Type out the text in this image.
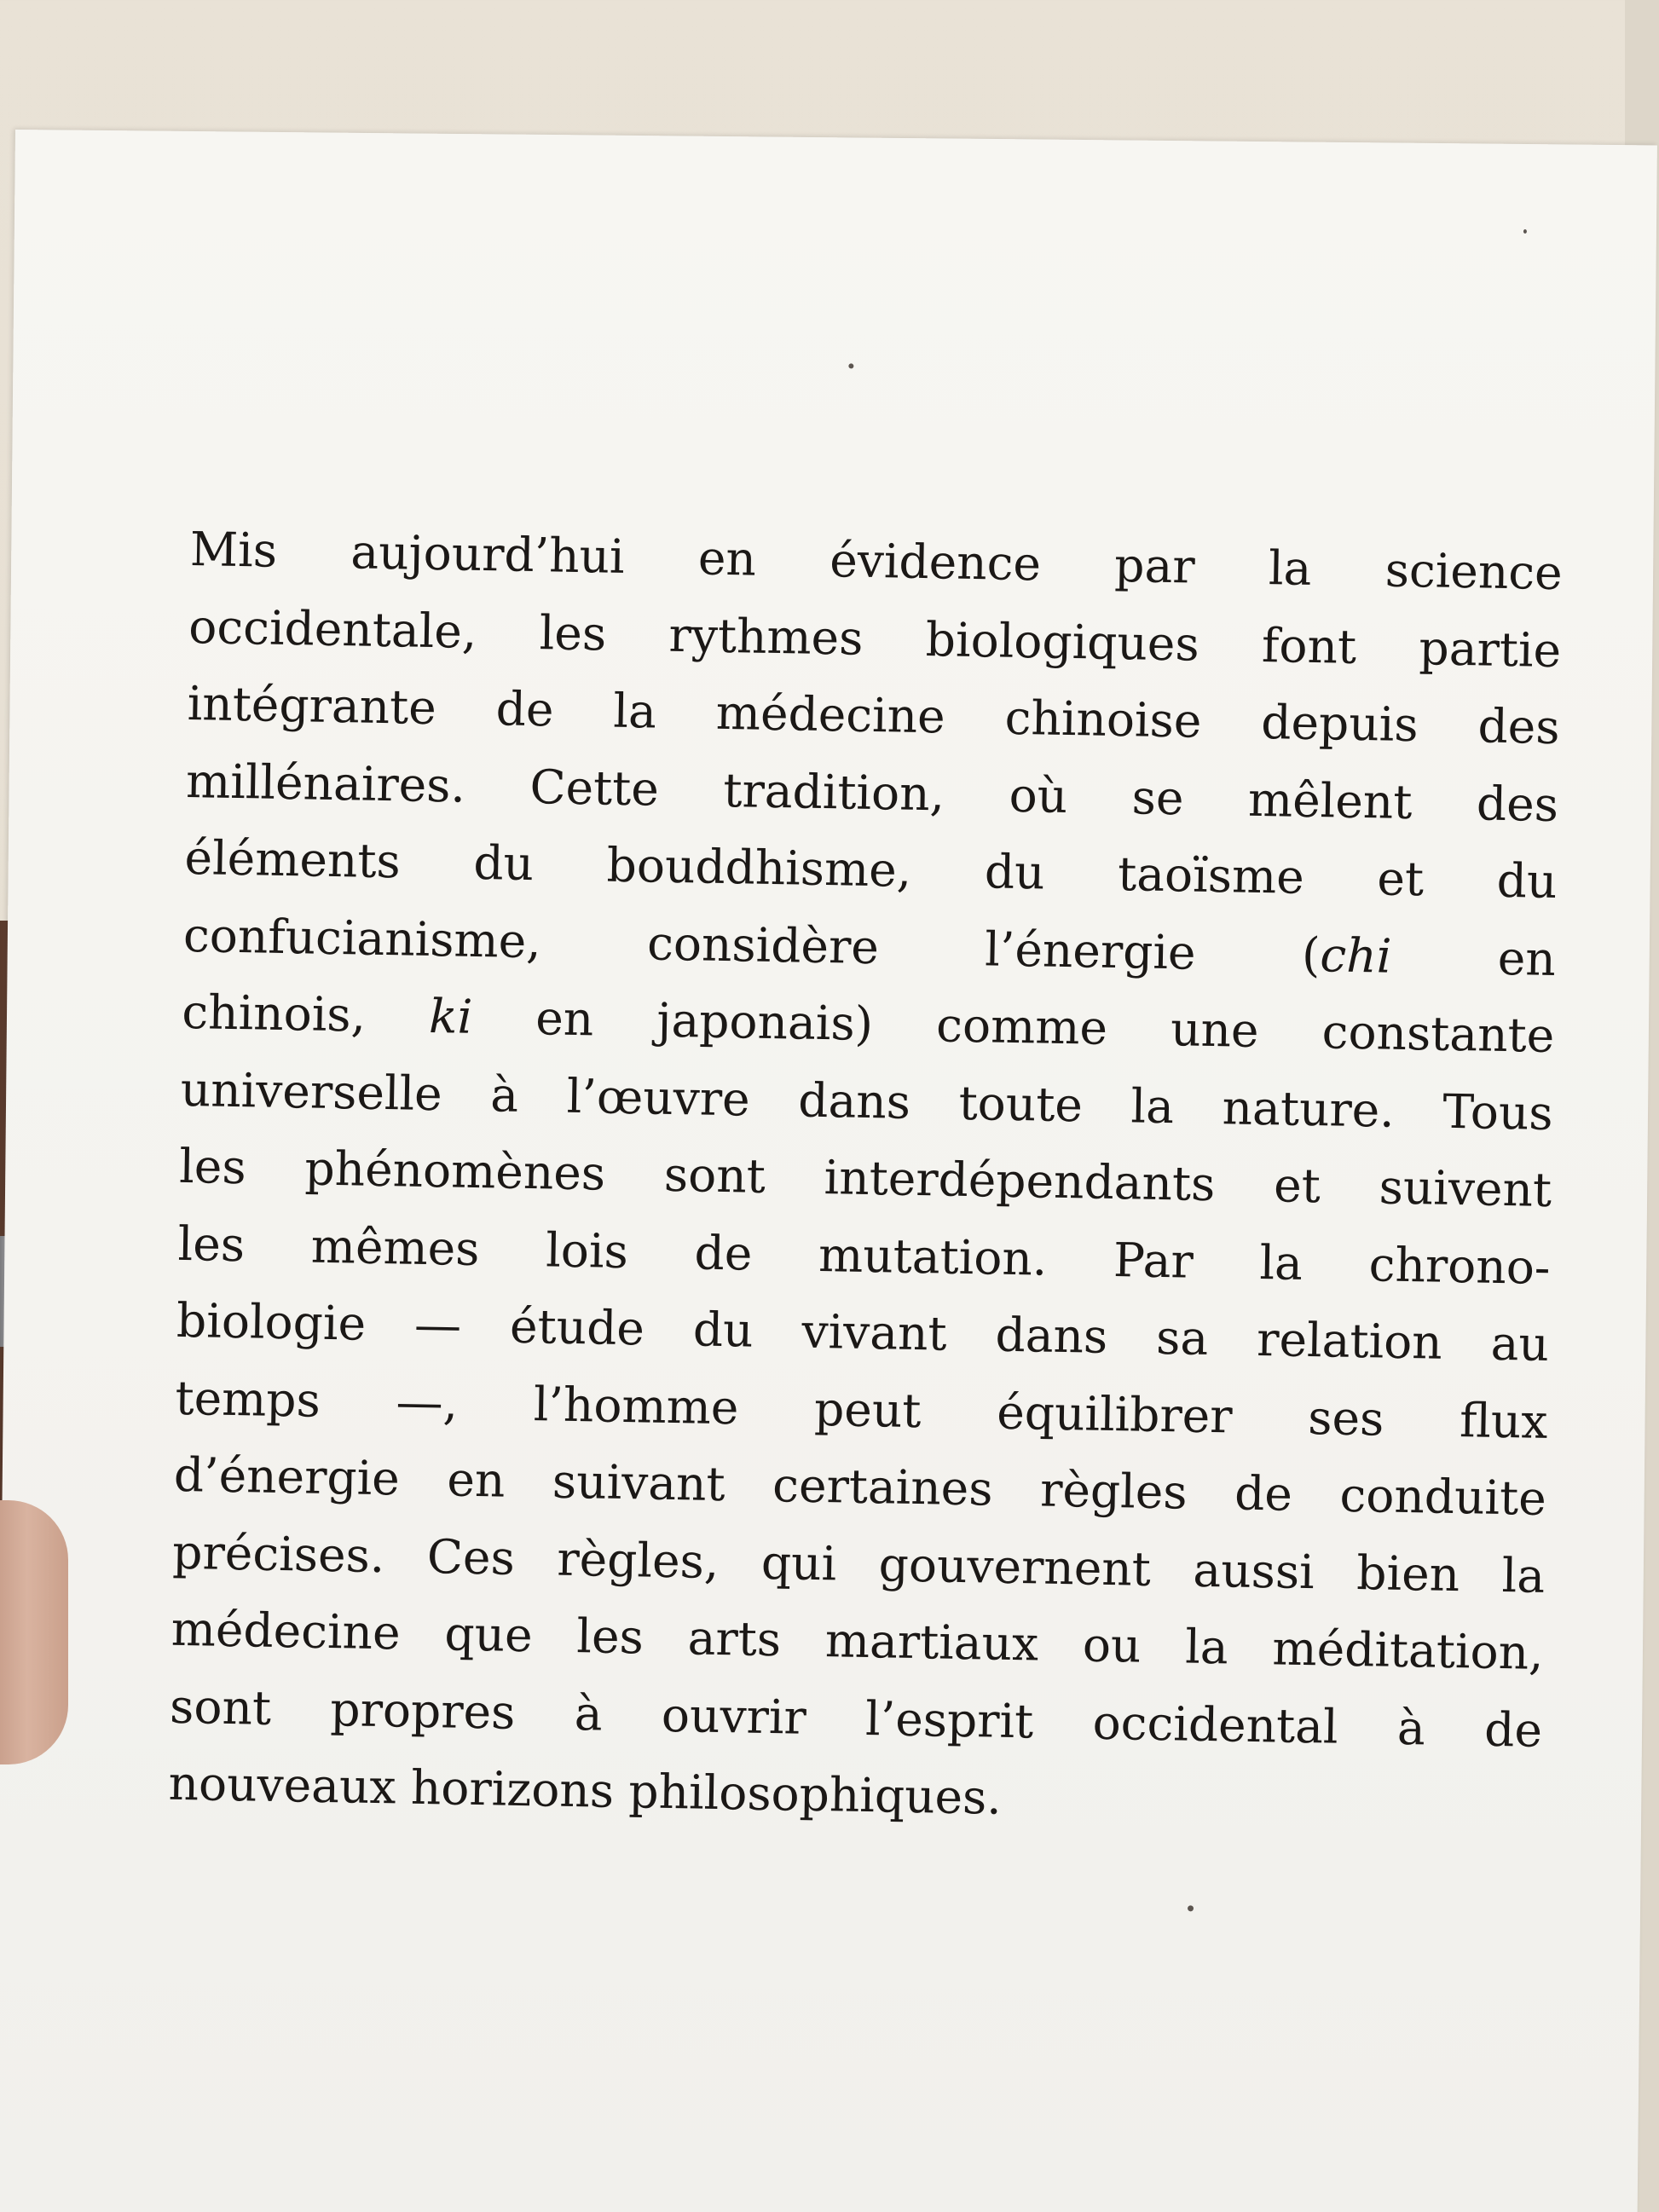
Mis aujourd’hui en évidence par la science
occidentale, les rythmes biologiques font partie
intégrante de la médecine chinoise depuis des
millénaires. Cette tradition, où se mêlent des
éléments du bouddhisme, du taoïsme et du
confucianisme, considère l’énergie (chi en
chinois, ki en japonais) comme une constante
universelle à l’œuvre dans toute la nature. Tous
les phénomènes sont interdépendants et suivent
les mêmes lois de mutation. Par la chrono-
biologie — étude du vivant dans sa relation au
temps —, l’homme peut équilibrer ses flux
d’énergie en suivant certaines règles de conduite
précises. Ces règles, qui gouvernent aussi bien la
médecine que les arts martiaux ou la méditation,
sont propres à ouvrir l’esprit occidental à de
nouveaux horizons philosophiques.
